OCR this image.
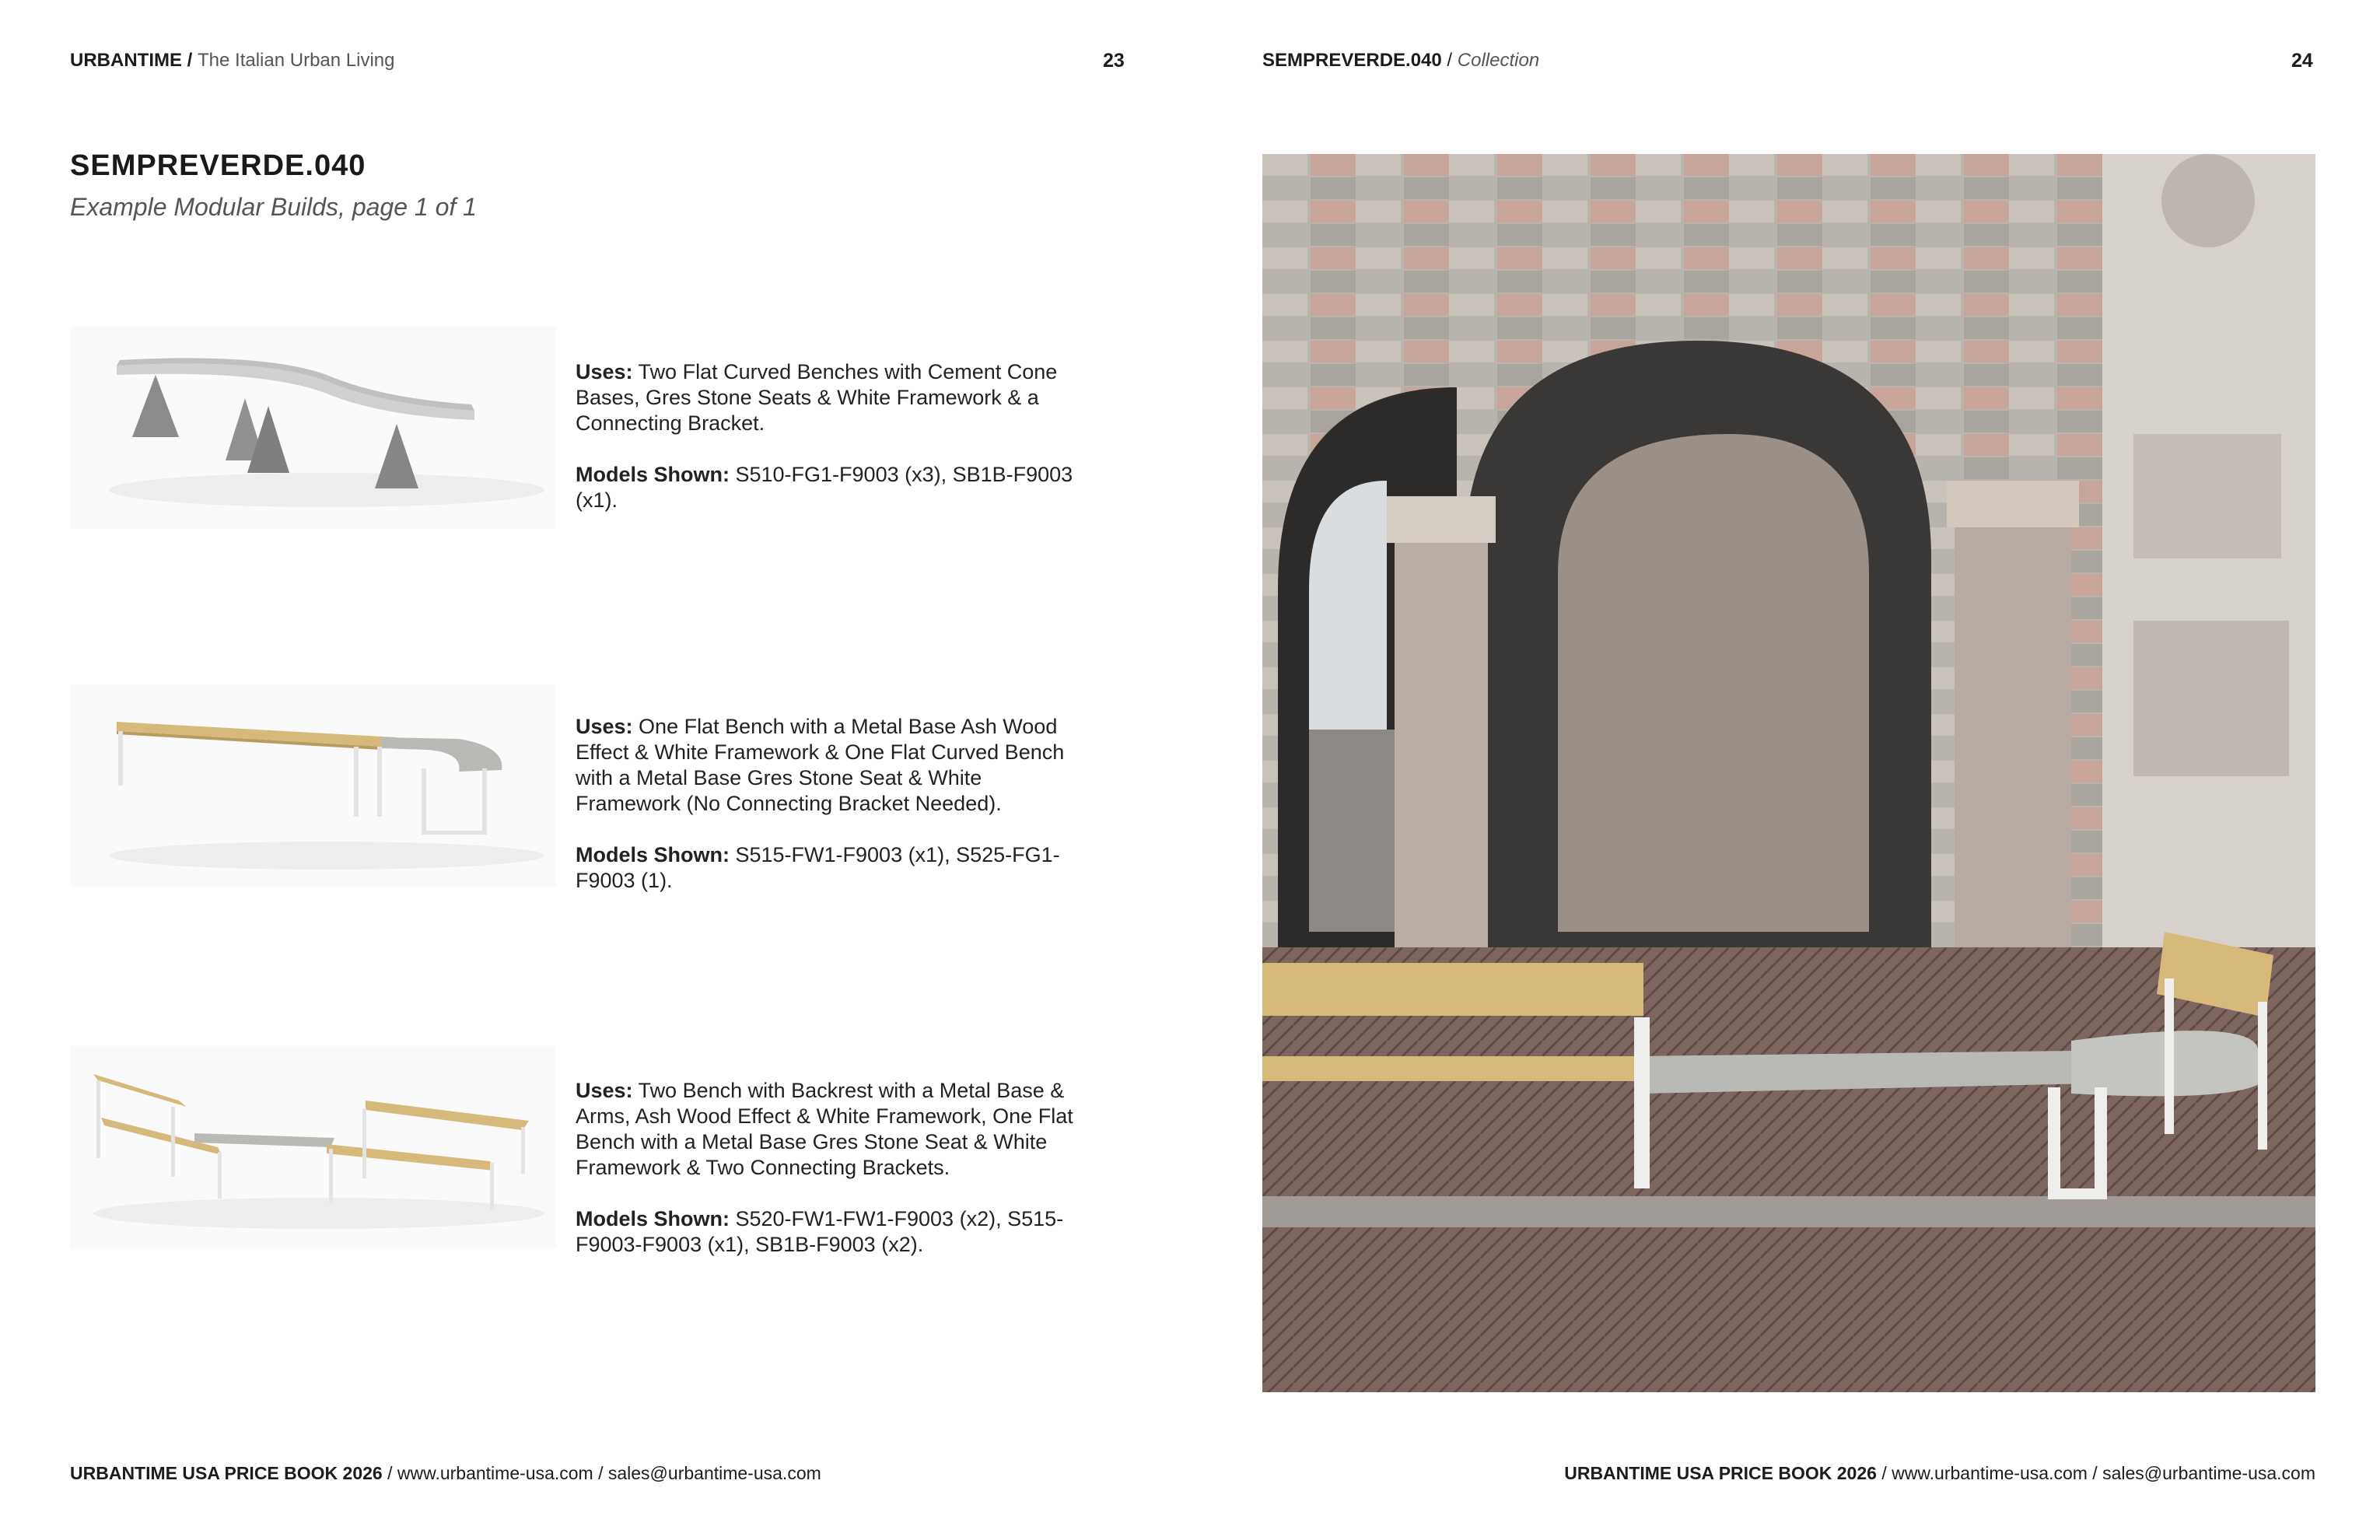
URBANTIME / The Italian Urban Living	23	SEMPREVERDE.040 / Collection	24
SEMPREVERDE.040
Example Modular Builds, page 1 of 1

Uses: Two Flat Curved Benches with Cement Cone Bases, Gres Stone Seats & White Framework & a Connecting Bracket.

Models Shown: S510-FG1-F9003 (x3), SB1B-F9003 (x1).

Uses: One Flat Bench with a Metal Base Ash Wood Effect & White Framework & One Flat Curved Bench with a Metal Base Gres Stone Seat & White Framework (No Connecting Bracket Needed).

Models Shown: S515-FW1-F9003 (x1), S525-FG1-F9003 (1).

Uses: Two Bench with Backrest with a Metal Base & Arms, Ash Wood Effect & White Framework, One Flat Bench with a Metal Base Gres Stone Seat & White Framework & Two Connecting Brackets.

Models Shown: S520-FW1-FW1-F9003 (x2), S515-F9003-F9003 (x1), SB1B-F9003 (x2).

URBANTIME USA PRICE BOOK 2026 / www.urbantime-usa.com / sales@urbantime-usa.com	URBANTIME USA PRICE BOOK 2026 / www.urbantime-usa.com / sales@urbantime-usa.com
